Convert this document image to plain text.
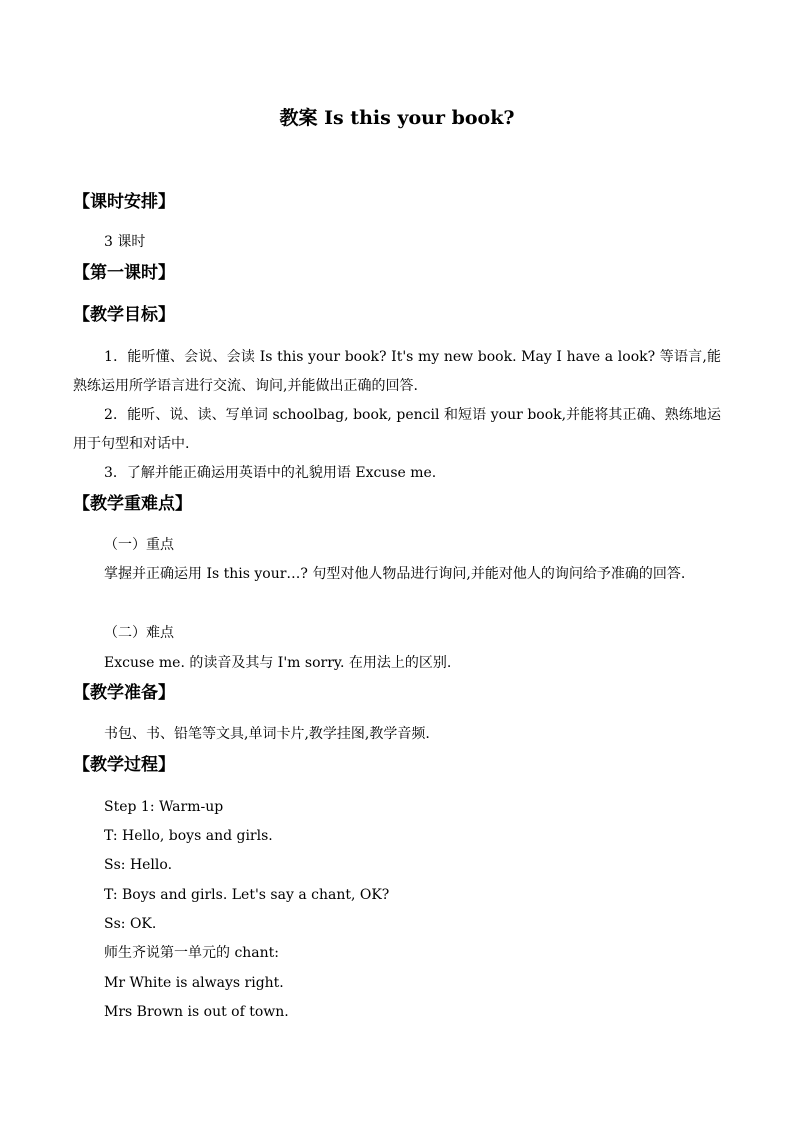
教案 Is this your book?
【课时安排】
3 课时
【第一课时】
【教学目标】
1．能听懂、会说、会读 Is this your book? It's my new book. May I have a look? 等语言,能熟练运用所学语言进行交流、询问,并能做出正确的回答.
2．能听、说、读、写单词 schoolbag, book, pencil 和短语 your book,并能将其正确、熟练地运用于句型和对话中.
3．了解并能正确运用英语中的礼貌用语 Excuse me.
【教学重难点】
（一）重点
掌握并正确运用 Is this your…? 句型对他人物品进行询问,并能对他人的询问给予准确的回答.
（二）难点
Excuse me. 的读音及其与 I'm sorry. 在用法上的区别.
【教学准备】
书包、书、铅笔等文具,单词卡片,教学挂图,教学音频.
【教学过程】
Step 1: Warm-up
T: Hello, boys and girls.
Ss: Hello.
T: Boys and girls. Let's say a chant, OK?
Ss: OK.
师生齐说第一单元的 chant:
Mr White is always right.
Mrs Brown is out of town.
